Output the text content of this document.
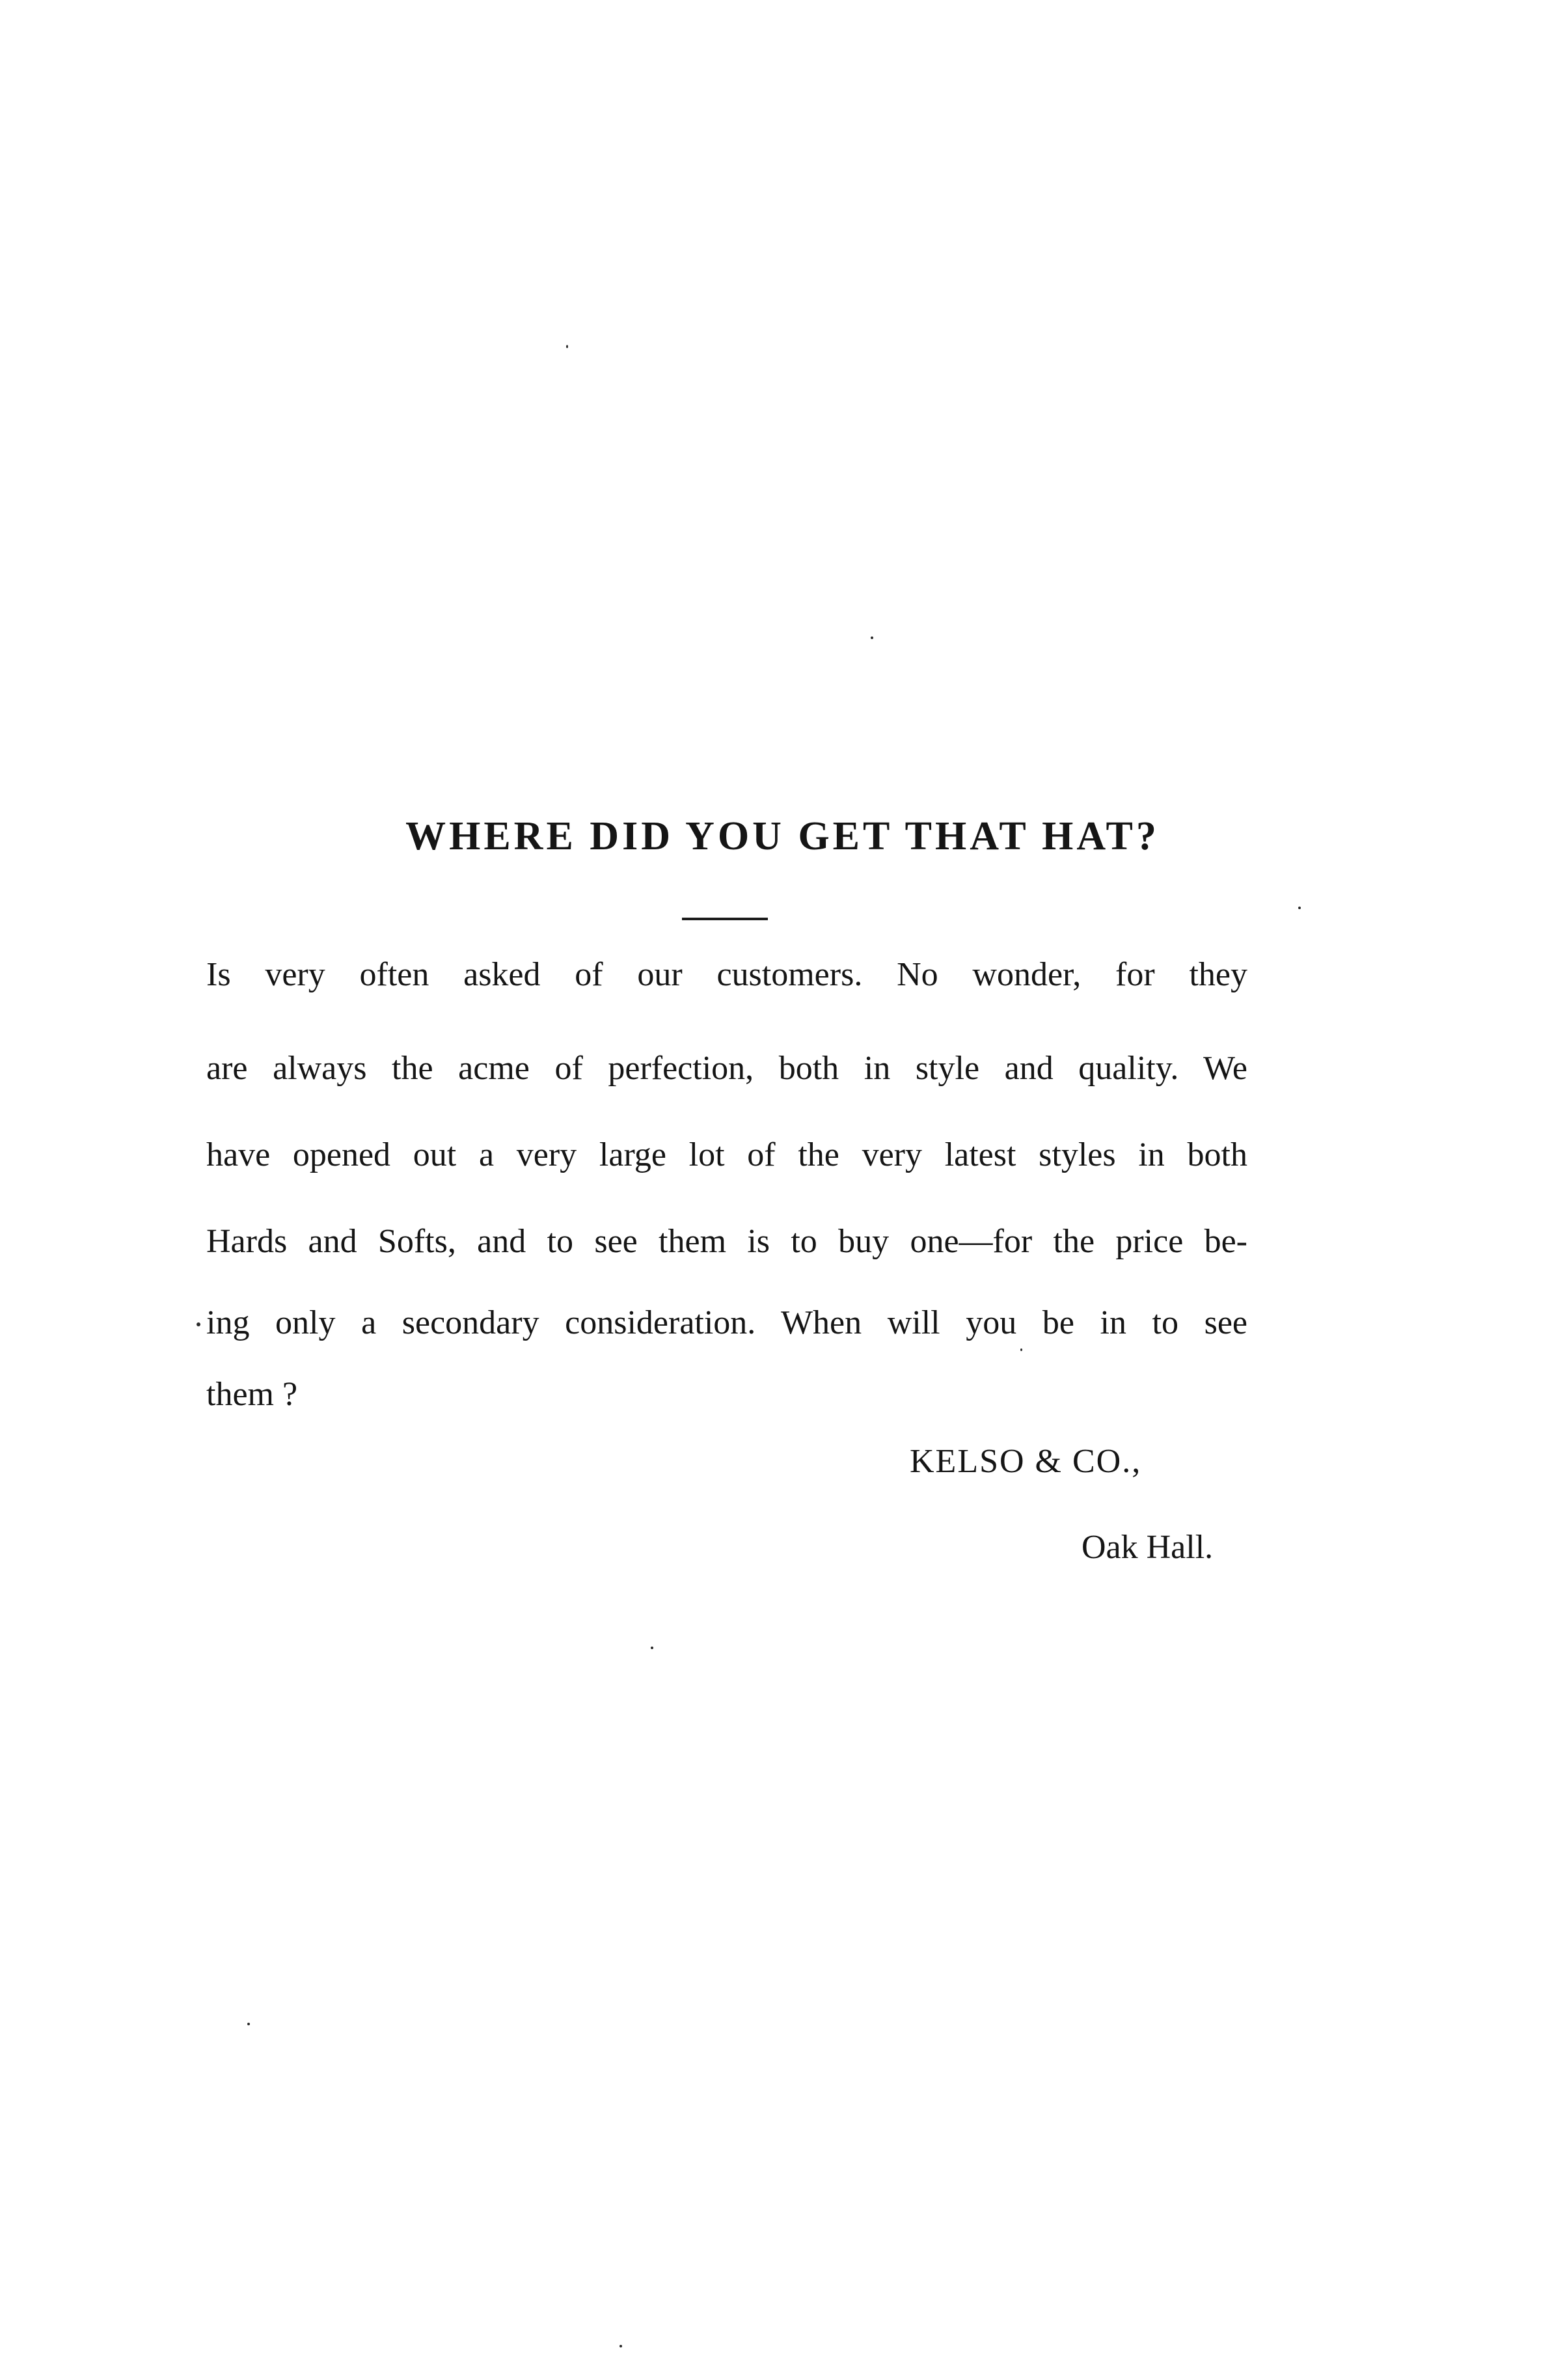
WHERE DID YOU GET THAT HAT?

Is very often asked of our customers. No wonder, for they

are always the acme of perfection, both in style and quality. We

have opened out a very large lot of the very latest styles in both

Hards and Softs, and to see them is to buy one—for the price be-

ing only a secondary consideration. When will you be in to see

them ?

KELSO & CO.,

Oak Hall.
